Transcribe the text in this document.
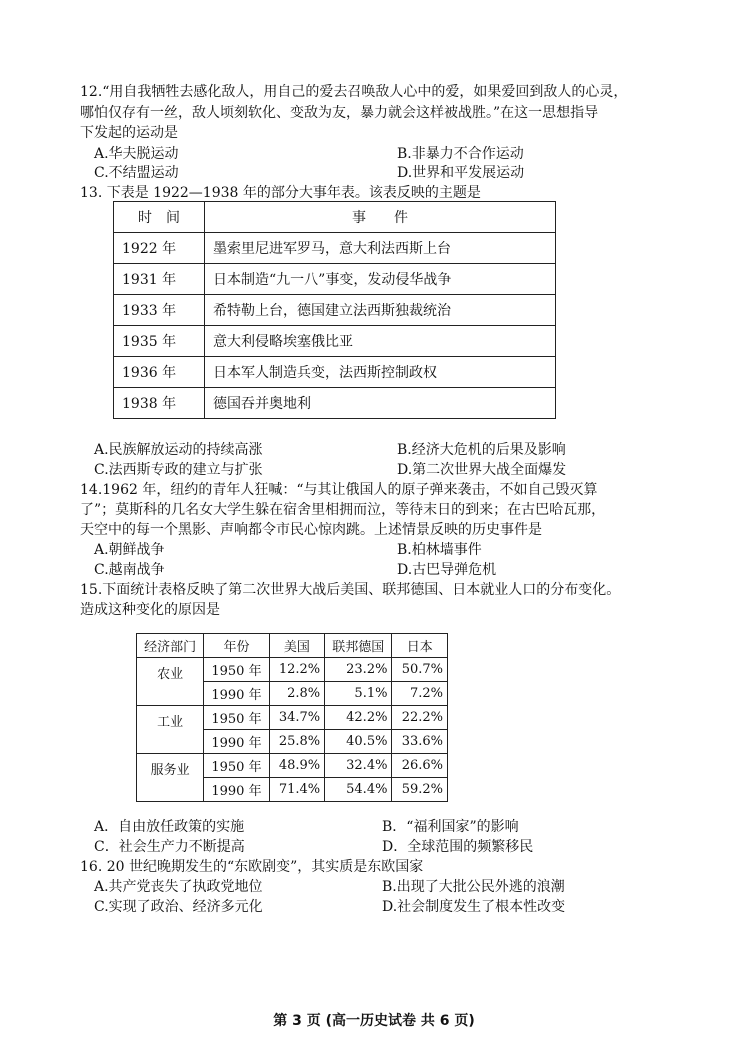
12.“用自我牺牲去感化敌人，用自己的爱去召唤敌人心中的爱，如果爱回到敌人的心灵，
哪怕仅存有一丝，敌人顷刻软化、变敌为友，暴力就会这样被战胜。”在这一思想指导
下发起的运动是
A.华夫脱运动	B.非暴力不合作运动
C.不结盟运动	D.世界和平发展运动
13. 下表是 1922—1938 年的部分大事年表。该表反映的主题是
时　间	事　　件
1922 年	墨索里尼进军罗马，意大利法西斯上台
1931 年	日本制造“九一八”事变，发动侵华战争
1933 年	希特勒上台，德国建立法西斯独裁统治
1935 年	意大利侵略埃塞俄比亚
1936 年	日本军人制造兵变，法西斯控制政权
1938 年	德国吞并奥地利
A.民族解放运动的持续高涨	B.经济大危机的后果及影响
C.法西斯专政的建立与扩张	D.第二次世界大战全面爆发
14.1962 年，纽约的青年人狂喊：“与其让俄国人的原子弹来袭击，不如自己毁灭算
了”；莫斯科的几名女大学生躲在宿舍里相拥而泣，等待末日的到来；在古巴哈瓦那，
天空中的每一个黑影、声响都令市民心惊肉跳。上述情景反映的历史事件是
A.朝鲜战争	B.柏林墙事件
C.越南战争	D.古巴导弹危机
15.下面统计表格反映了第二次世界大战后美国、联邦德国、日本就业人口的分布变化。
造成这种变化的原因是
经济部门	年份	美国	联邦德国	日本
农业	1950 年	12.2%	23.2%	50.7%
	1990 年	2.8%	5.1%	7.2%
工业	1950 年	34.7%	42.2%	22.2%
	1990 年	25.8%	40.5%	33.6%
服务业	1950 年	48.9%	32.4%	26.6%
	1990 年	71.4%	54.4%	59.2%
A．自由放任政策的实施	B．“福利国家”的影响
C．社会生产力不断提高	D．全球范围的频繁移民
16. 20 世纪晚期发生的“东欧剧变”，其实质是东欧国家
A.共产党丧失了执政党地位	B.出现了大批公民外逃的浪潮
C.实现了政治、经济多元化	D.社会制度发生了根本性改变
第 3 页 (高一历史试卷 共 6 页)
